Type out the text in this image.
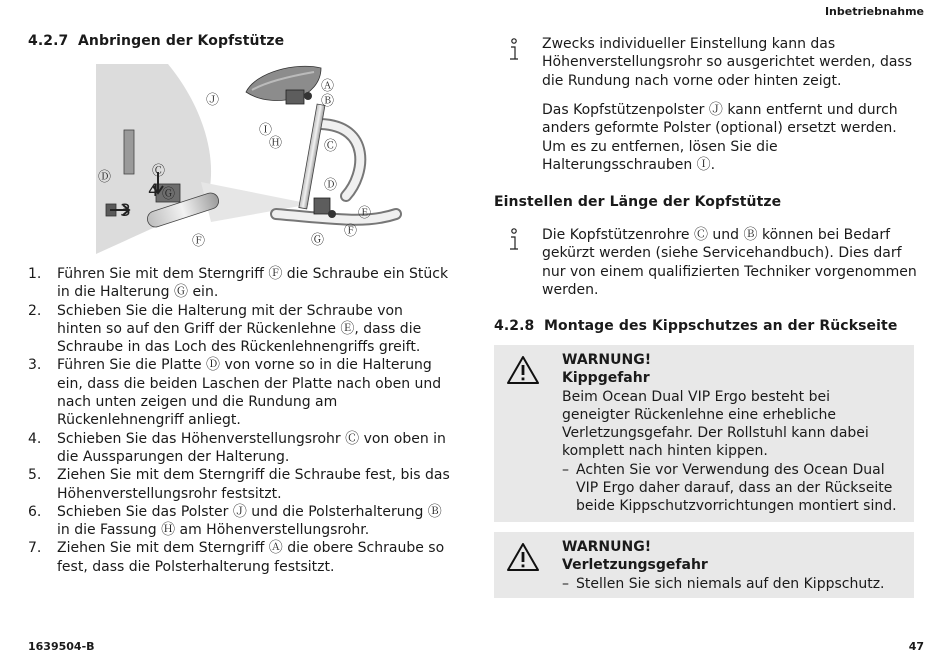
Inbetriebnahme
1639504-B	47
4.2.7 Anbringen der Kopfstütze
Ⓐ
Ⓑ
Ⓙ
Ⓘ
Ⓗ	Ⓒ
Ⓓ
Ⓔ
Ⓕ
Ⓖ
Ⓒ
Ⓓ
Ⓖ
Ⓕ
3
4
1. Führen Sie mit dem Sterngriff Ⓕ die Schraube ein Stück in die Halterung Ⓖ ein.
2. Schieben Sie die Halterung mit der Schraube von hinten so auf den Griff der Rückenlehne Ⓔ, dass die Schraube in das Loch des Rückenlehnengriffs greift.
3. Führen Sie die Platte Ⓓ von vorne so in die Halterung ein, dass die beiden Laschen der Platte nach oben und nach unten zeigen und die Rundung am Rückenlehnengriff anliegt.
4. Schieben Sie das Höhenverstellungsrohr Ⓒ von oben in die Aussparungen der Halterung.
5. Ziehen Sie mit dem Sterngriff die Schraube fest, bis das Höhenverstellungsrohr festsitzt.
6. Schieben Sie das Polster Ⓙ und die Polsterhalterung Ⓑ in die Fassung Ⓗ am Höhenverstellungsrohr.
7. Ziehen Sie mit dem Sterngriff Ⓐ die obere Schraube so fest, dass die Polsterhalterung festsitzt.
Zwecks individueller Einstellung kann das Höhenverstellungsrohr so ausgerichtet werden, dass die Rundung nach vorne oder hinten zeigt.
Das Kopfstützenpolster Ⓙ kann entfernt und durch anders geformte Polster (optional) ersetzt werden. Um es zu entfernen, lösen Sie die Halterungsschrauben Ⓘ.
Einstellen der Länge der Kopfstütze
Die Kopfstützenrohre Ⓒ und Ⓑ können bei Bedarf gekürzt werden (siehe Servicehandbuch). Dies darf nur von einem qualifizierten Techniker vorgenommen werden.
4.2.8 Montage des Kippschutzes an der Rückseite
WARNUNG!
Kippgefahr
Beim Ocean Dual VIP Ergo besteht bei geneigter Rückenlehne eine erhebliche Verletzungsgefahr. Der Rollstuhl kann dabei komplett nach hinten kippen.
– Achten Sie vor Verwendung des Ocean Dual VIP Ergo daher darauf, dass an der Rückseite beide Kippschutzvorrichtungen montiert sind.
WARNUNG!
Verletzungsgefahr
– Stellen Sie sich niemals auf den Kippschutz.
